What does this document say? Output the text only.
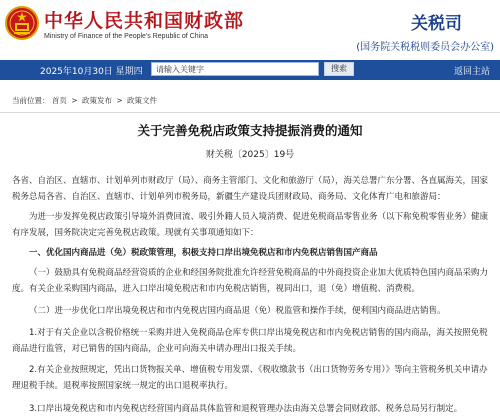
中华人民共和国财政部
Ministry of Finance of the People's Republic of China
关税司
(国务院关税税则委员会办公室)
2025年10月30日 星期四
请输入关键字	搜索	返回主站
当前位置： 首页 > 政策发布 > 政策文件
关于完善免税店政策支持提振消费的通知
财关税〔2025〕19号
各省、自治区、直辖市、计划单列市财政厅（局）、商务主管部门、文化和旅游厅（局），海关总署广东分署、各直属海关，国家税务总局各省、自治区、直辖市、计划单列市税务局，新疆生产建设兵团财政局、商务局、文化体育广电和旅游局：
为进一步发挥免税店政策引导境外消费回流、吸引外籍人员入境消费、促进免税商品零售业务（以下称免税零售业务）健康有序发展，国务院决定完善免税店政策。现就有关事项通知如下：
一、优化国内商品进（免）税政策管理，积极支持口岸出境免税店和市内免税店销售国产商品
（一）鼓励具有免税商品经营资质的企业和经国务院批准允许经营免税商品的中外商投资企业加大优质特色国内商品采购力度。有关企业采购国内商品，进入口岸出境免税店和市内免税店销售，视同出口，退（免）增值税、消费税。
（二）进一步优化口岸出境免税店和市内免税店国内商品退（免）税监管和操作手续，便利国内商品进店销售。
1.对于有关企业以含税价格统一采购并进入免税商品仓库专供口岸出境免税店和市内免税店销售的国内商品，海关按照免税商品进行监管，对已销售的国内商品，企业可向海关申请办理出口报关手续。
2.有关企业按照规定，凭出口货物报关单、增值税专用发票、《税收缴款书（出口货物劳务专用）》等向主管税务机关申请办理退税手续。退税率按照国家统一规定的出口退税率执行。
3.口岸出境免税店和市内免税店经营国内商品具体监管和退税管理办法由海关总署会同财政部、税务总局另行制定。
